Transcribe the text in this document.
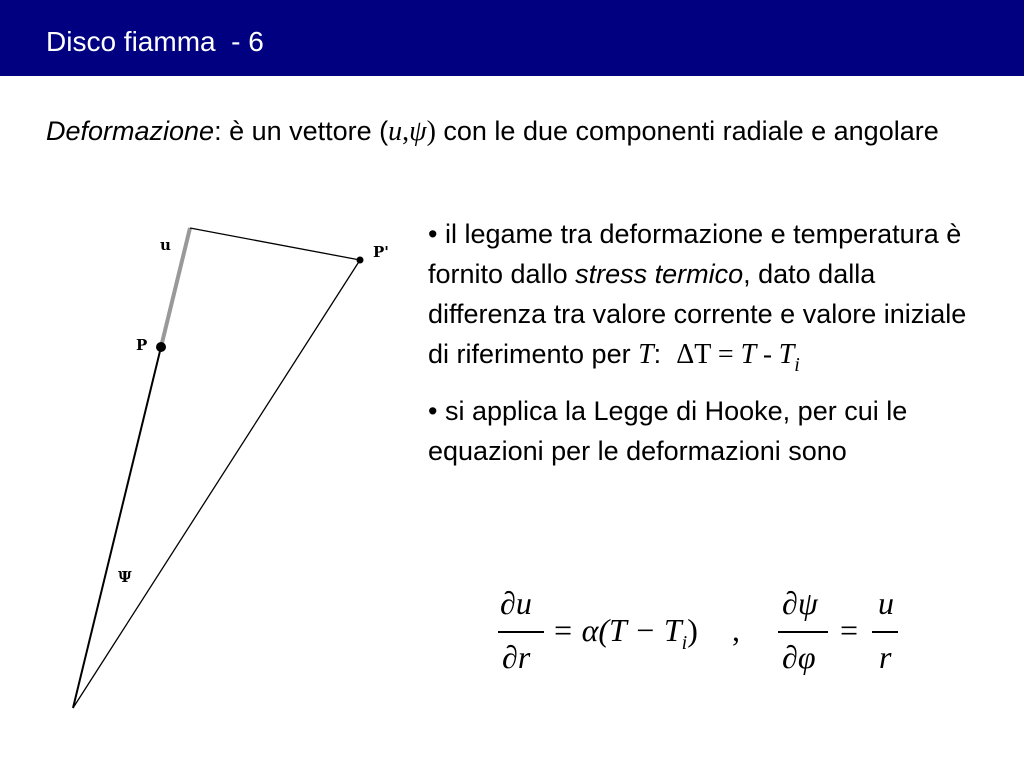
Disco fiamma  - 6
Deformazione: è un vettore (u,ψ) con le due componenti radiale e angolare
u	P'
P
Ψ
• il legame tra deformazione e temperatura è fornito dallo stress termico, dato dalla differenza tra valore corrente e valore iniziale di riferimento per T: $\Delta T = T - T_i$
• si applica la Legge di Hooke, per cui le equazioni per le deformazioni sono
∂u
∂r
= $\alpha(T - T_i)$ ,
∂ψ
∂φ
=
u
r
